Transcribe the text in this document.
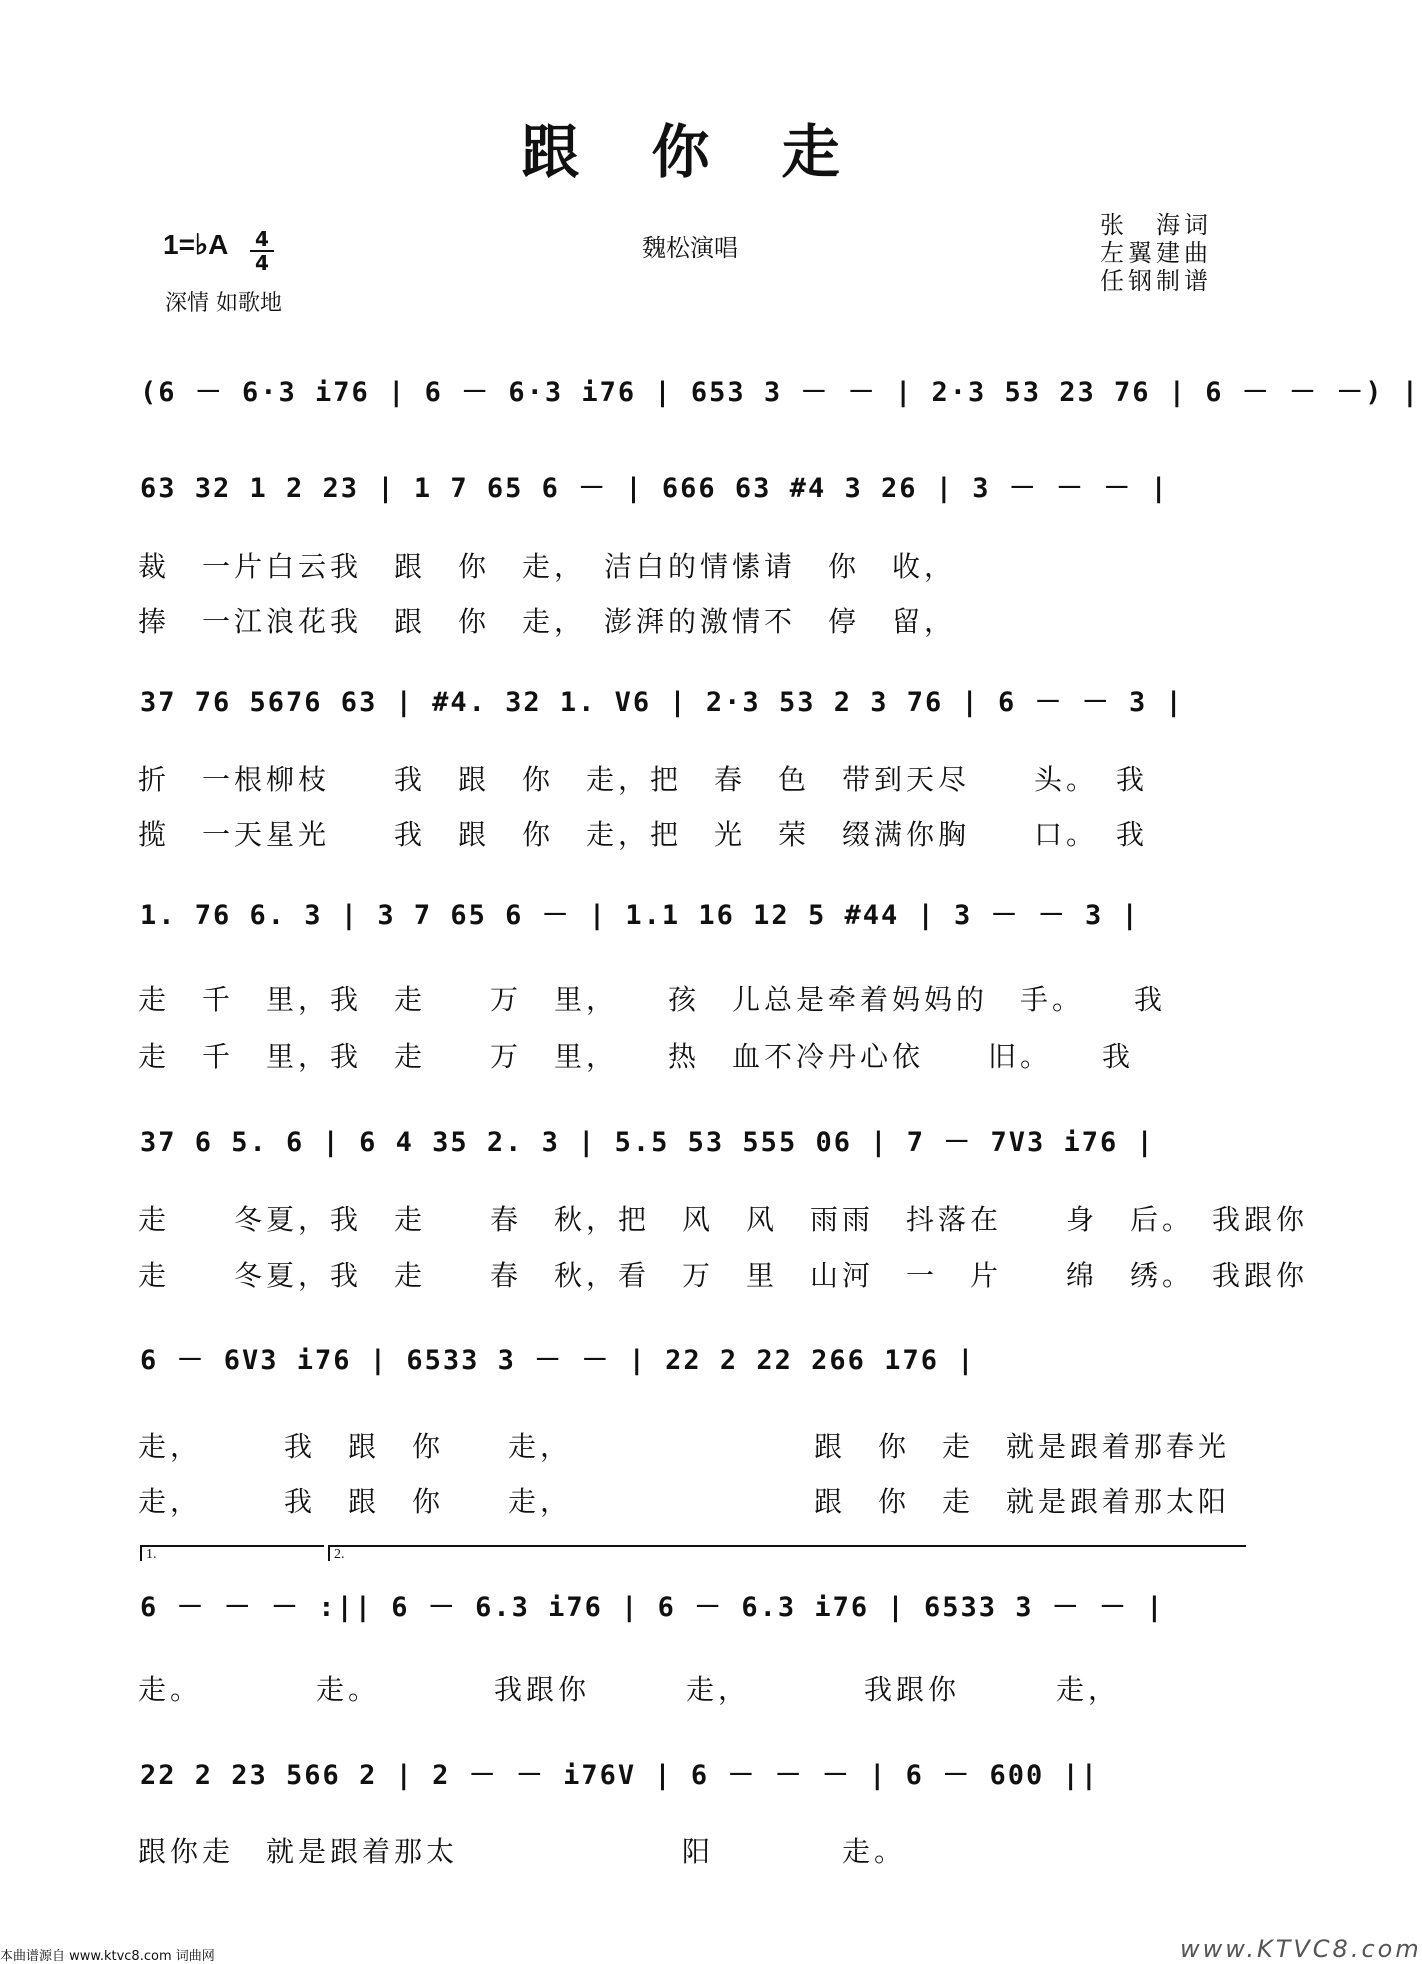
跟 你 走
1=♭A 4
4
深情 如歌地
魏松演唱
张　海词
左翼建曲
任钢制谱
(6 － 6·3 i76 | 6 － 6·3 i76 | 653 3 － － | 2·3 53 23 76 | 6 － － －) |
63 32 1 2 23 | 1 7 65 6 － | 666 63 #4 3 26 | 3 － － － |
裁　一片白云我　跟　你　走，　洁白的情愫请　你　收，
捧　一江浪花我　跟　你　走，　澎湃的激情不　停　留，
37 76 5676 63 | #4. 32 1. V6 | 2·3 53 2 3 76 | 6 － － 3 |
折　一根柳枝　　我　跟　你　走，把　春　色　带到天尽　　头。　我
揽　一天星光　　我　跟　你　走，把　光　荣　缀满你胸　　口。　我
1. 76 6. 3 | 3 7 65 6 － | 1.1 16 12 5 #44 | 3 － － 3 |
走　千　里，我　走　　万　里，　　孩　儿总是牵着妈妈的　手。　　我
走　千　里，我　走　　万　里，　　热　血不冷丹心依　　旧。　　我
37 6 5. 6 | 6 4 35 2. 3 | 5.5 53 555 06 | 7 － 7V3 i76 |
走　　冬夏，我　走　　春　秋，把　风　风　雨雨　抖落在　　身　后。　我跟你
走　　冬夏，我　走　　春　秋，看　万　里　山河　一　片　　绵　绣。　我跟你
6 － 6V3 i76 | 6533 3 － － | 22 2 22 266 176 |
走，　　　我　跟　你　　走，　　　　　　　　跟　你　走　就是跟着那春光
走，　　　我　跟　你　　走，　　　　　　　　跟　你　走　就是跟着那太阳
1.	2.
6 － － － :|| 6 － 6.3 i76 | 6 － 6.3 i76 | 6533 3 － － |
走。　　　　走。　　　　我跟你　　　走，　　　　我跟你　　　走，
22 2 23 566 2 | 2 － － i76V | 6 － － － | 6 － 600 ||
跟你走　就是跟着那太　　　　　　　阳　　　　走。
本曲谱源自 www.ktvc8.com 词曲网	www.KTVC8.com
